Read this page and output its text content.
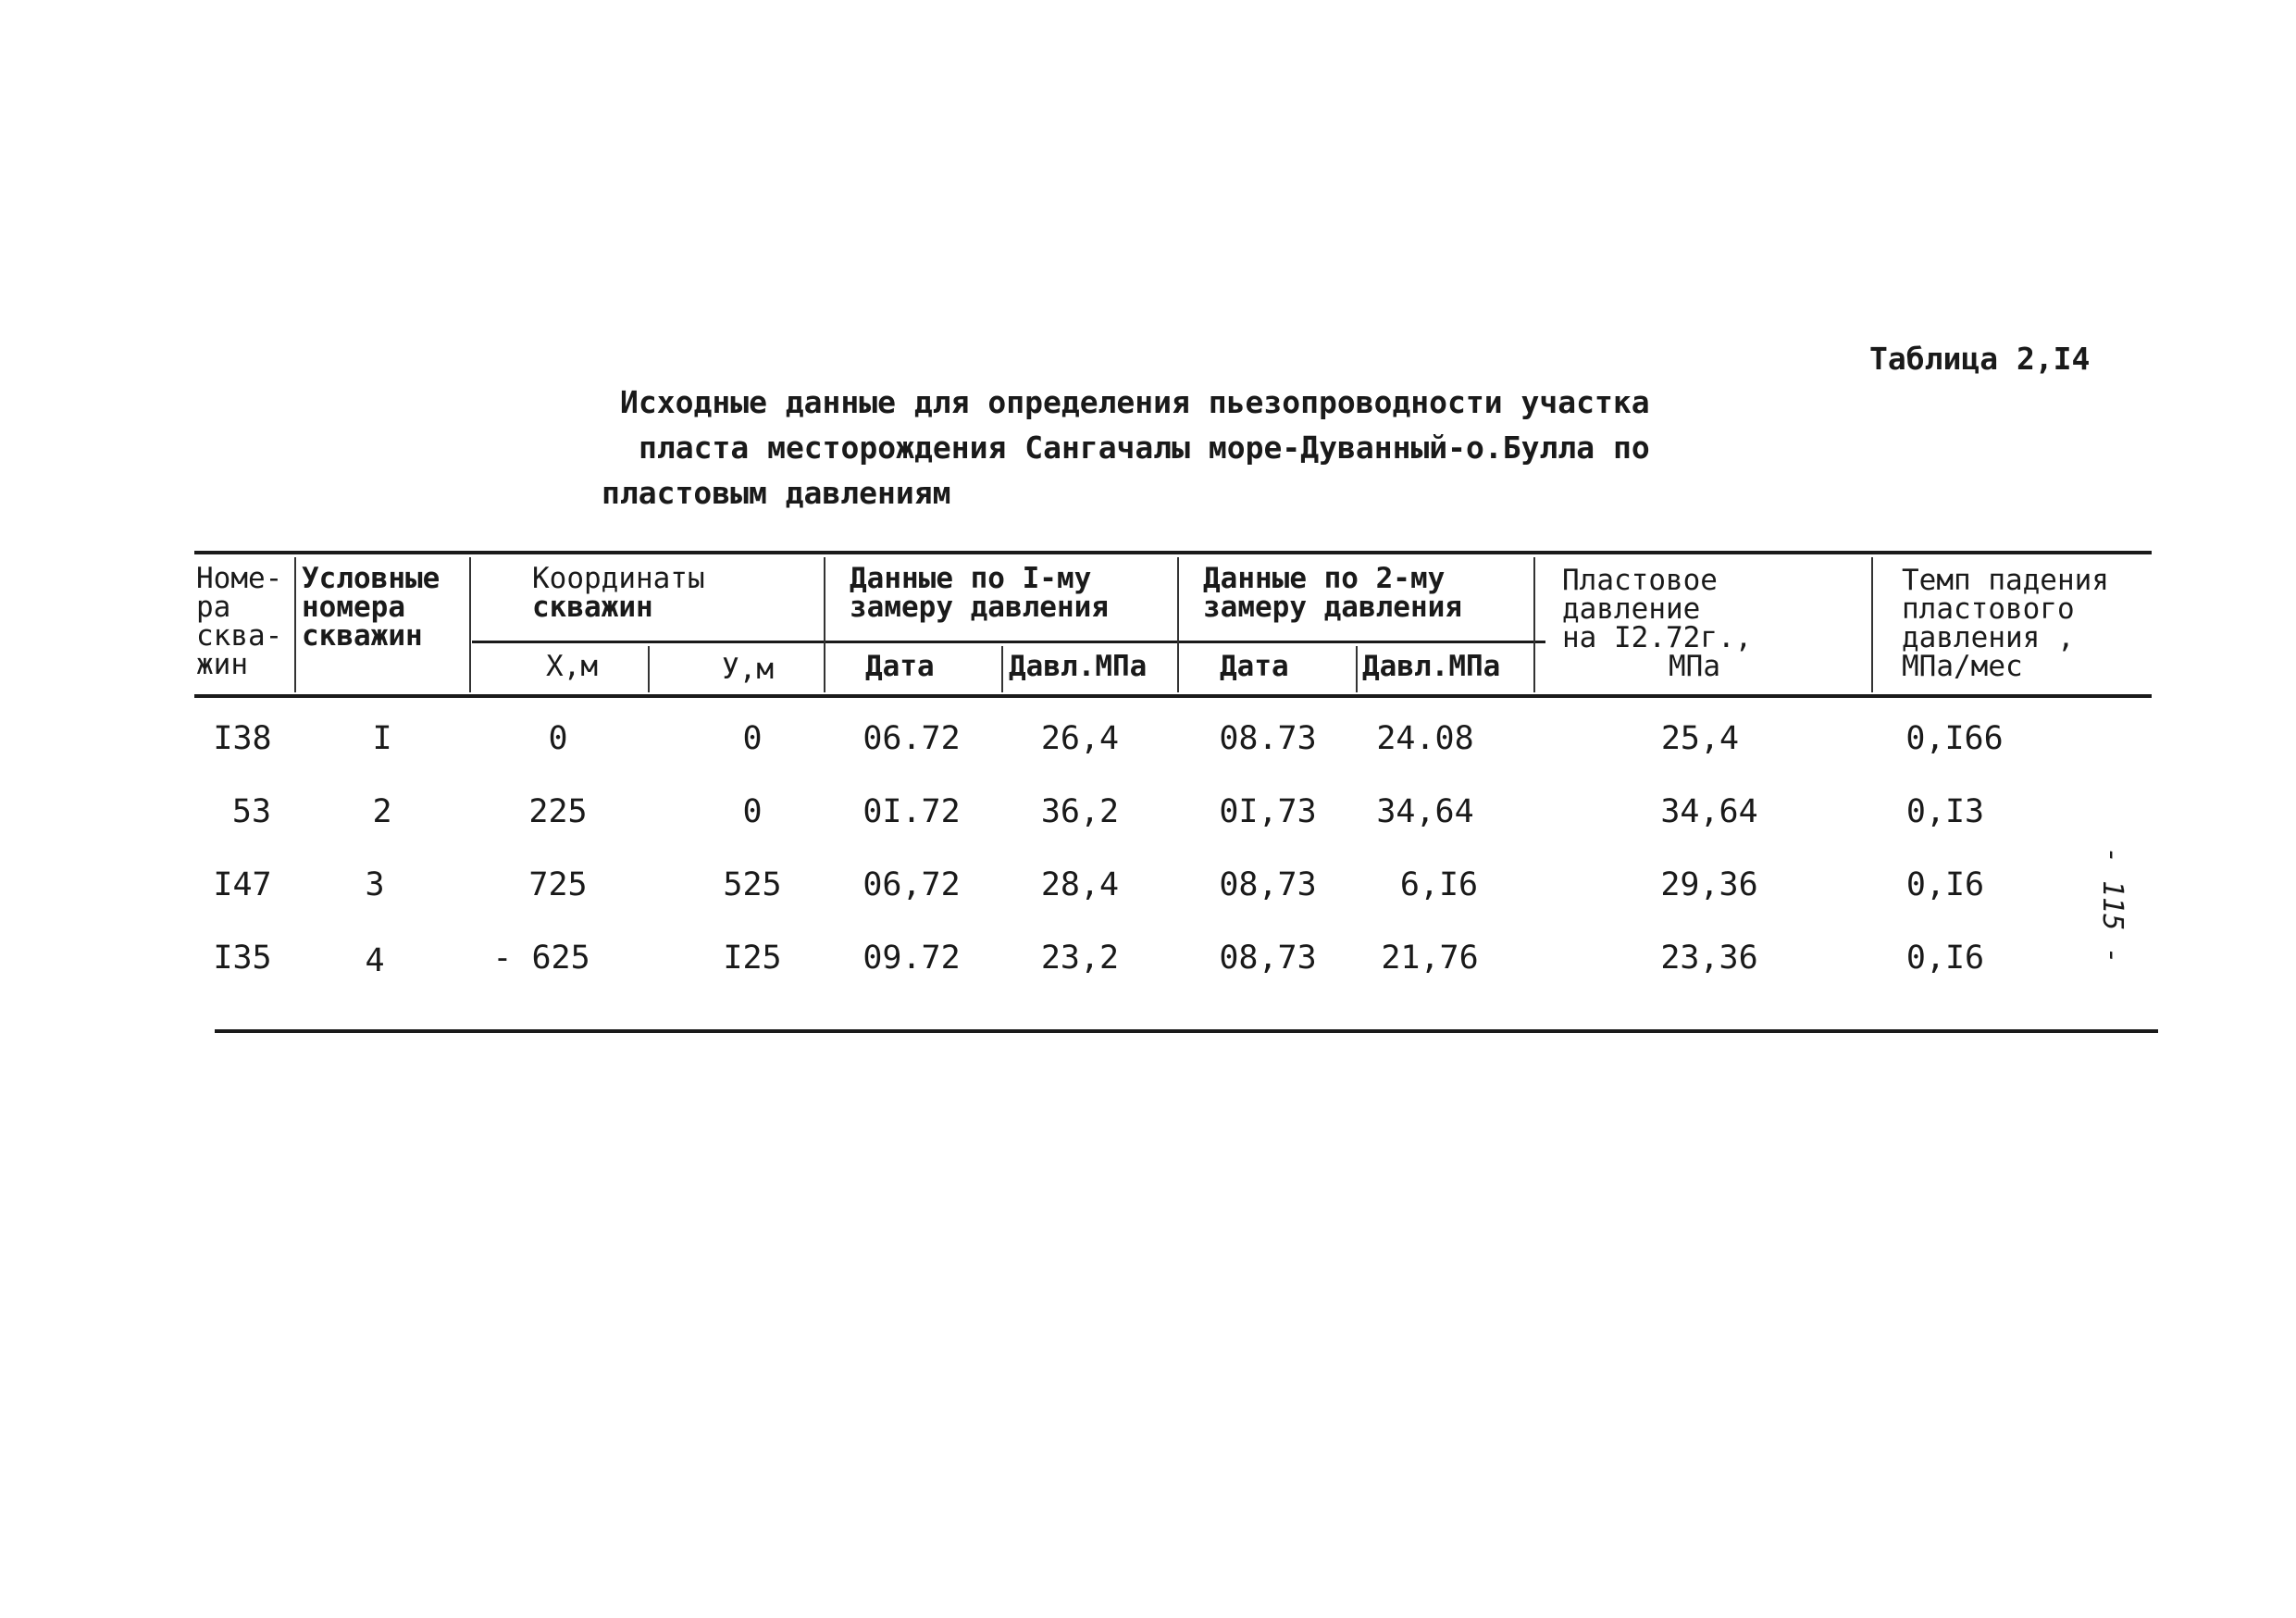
Таблица 2,I4
Исходные данные для определения пьезопроводности участка
пласта месторождения Сангачалы море-Дуванный-о.Булла по
пластовым давлениям
Номе-
ра
сква-
жин
Условные
номера
скважин
Координаты
скважин
Х,м	У,м
Данные по I-му
замеру давления
Дата	Давл.МПа
Данные по 2-му
замеру давления
Дата	Давл.МПа
Пластовое
давление
на I2.72г.,
МПа
Темп падения
пластового
давления ,
МПа/мес
I38	I	0	0	06.72	26,4	08.73	24.08	25,4	0,I66
53	2	225	0	0I.72	36,2	0I,73	34,64	34,64	0,I3
I47	3	725	525	06,72	28,4	08,73	6,I6	29,36	0,I6
I35	4	- 625	I25	09.72	23,2	08,73	21,76	23,36	0,I6	- 115 -
